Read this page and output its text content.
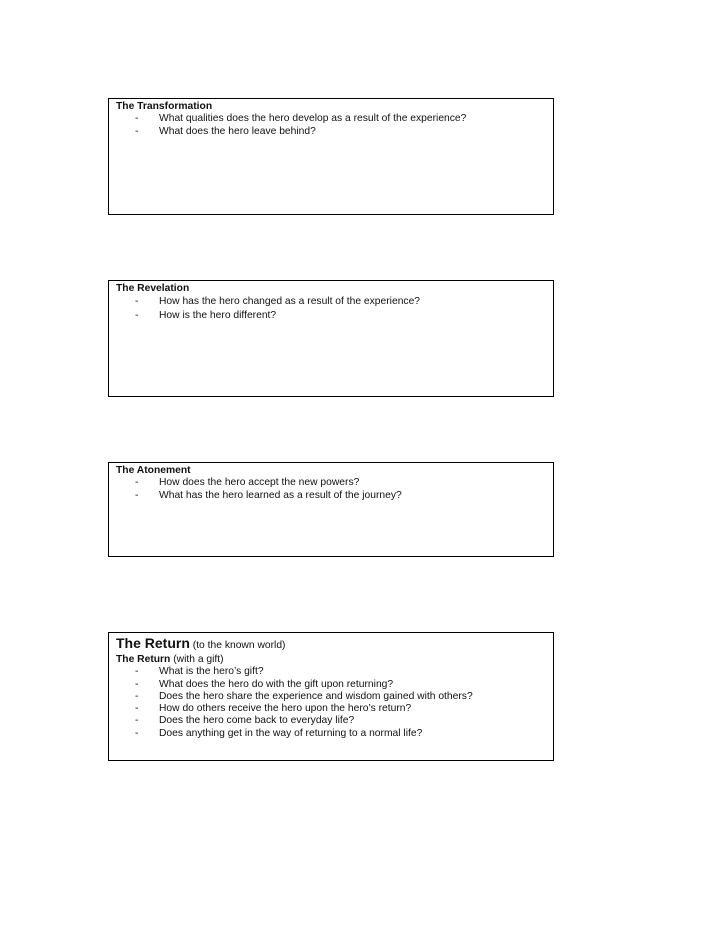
The Transformation

- What qualities does the hero develop as a result of the experience?
- What does the hero leave behind?

The Revelation

- How has the hero changed as a result of the experience?
- How is the hero different?

The Atonement

- How does the hero accept the new powers?
- What has the hero learned as a result of the journey?

The Return (to the known world)

The Return (with a gift)

- What is the hero’s gift?
- What does the hero do with the gift upon returning?
- Does the hero share the experience and wisdom gained with others?
- How do others receive the hero upon the hero’s return?
- Does the hero come back to everyday life?
- Does anything get in the way of returning to a normal life?
